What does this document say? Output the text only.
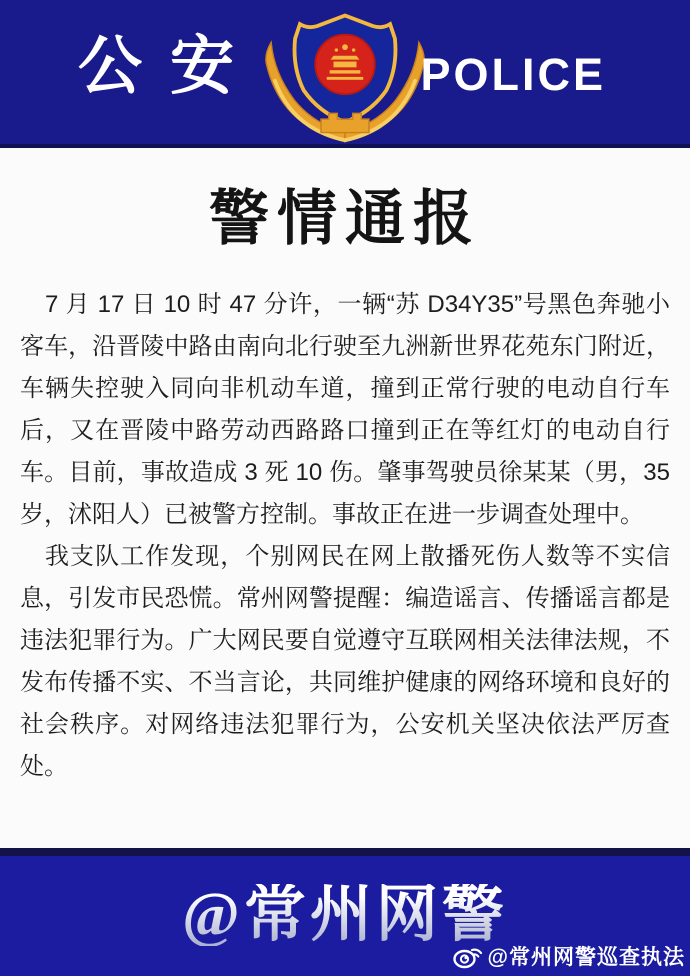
公安	POLICE
警情通报

7 月 17 日 10 时 47 分许，一辆“苏 D34Y35”号黑色奔驰小客车，沿晋陵中路由南向北行驶至九洲新世界花苑东门附近，车辆失控驶入同向非机动车道，撞到正常行驶的电动自行车后，又在晋陵中路劳动西路路口撞到正在等红灯的电动自行车。目前，事故造成 3 死 10 伤。肇事驾驶员徐某某（男，35 岁，沭阳人）已被警方控制。事故正在进一步调查处理中。

我支队工作发现，个别网民在网上散播死伤人数等不实信息，引发市民恐慌。常州网警提醒：编造谣言、传播谣言都是违法犯罪行为。广大网民要自觉遵守互联网相关法律法规，不发布传播不实、不当言论，共同维护健康的网络环境和良好的社会秩序。对网络违法犯罪行为，公安机关坚决依法严厉查处。

@常州网警
@常州网警巡查执法
